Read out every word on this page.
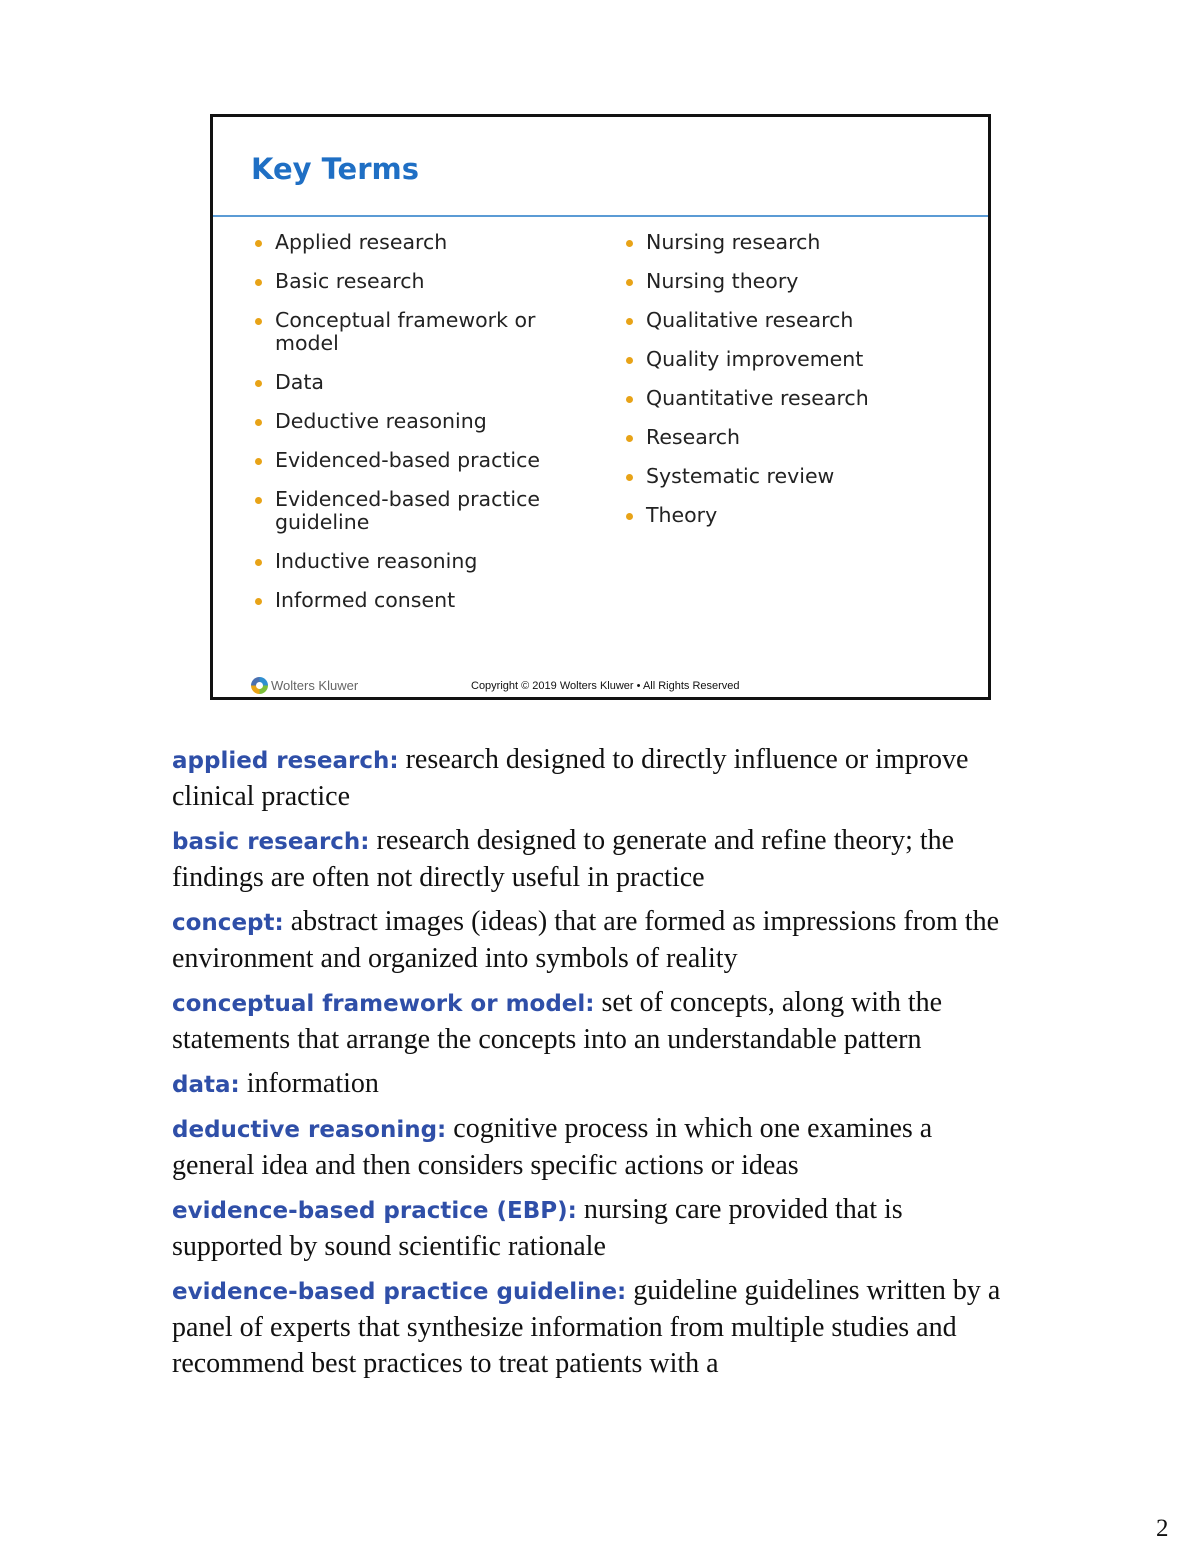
Key Terms
Applied research
Basic research
Conceptual framework or model
Data
Deductive reasoning
Evidenced-based practice
Evidenced-based practice guideline
Inductive reasoning
Informed consent
Nursing research
Nursing theory
Qualitative research
Quality improvement
Quantitative research
Research
Systematic review
Theory
Wolters Kluwer	Copyright © 2019 Wolters Kluwer • All Rights Reserved

applied research: research designed to directly influence or improve clinical practice

basic research: research designed to generate and refine theory; the findings are often not directly useful in practice

concept: abstract images (ideas) that are formed as impressions from the environment and organized into symbols of reality

conceptual framework or model: set of concepts, along with the statements that arrange the concepts into an understandable pattern

data: information

deductive reasoning: cognitive process in which one examines a general idea and then considers specific actions or ideas

evidence-based practice (EBP): nursing care provided that is supported by sound scientific rationale

evidence-based practice guideline: guideline guidelines written by a panel of experts that synthesize information from multiple studies and recommend best practices to treat patients with a

2
